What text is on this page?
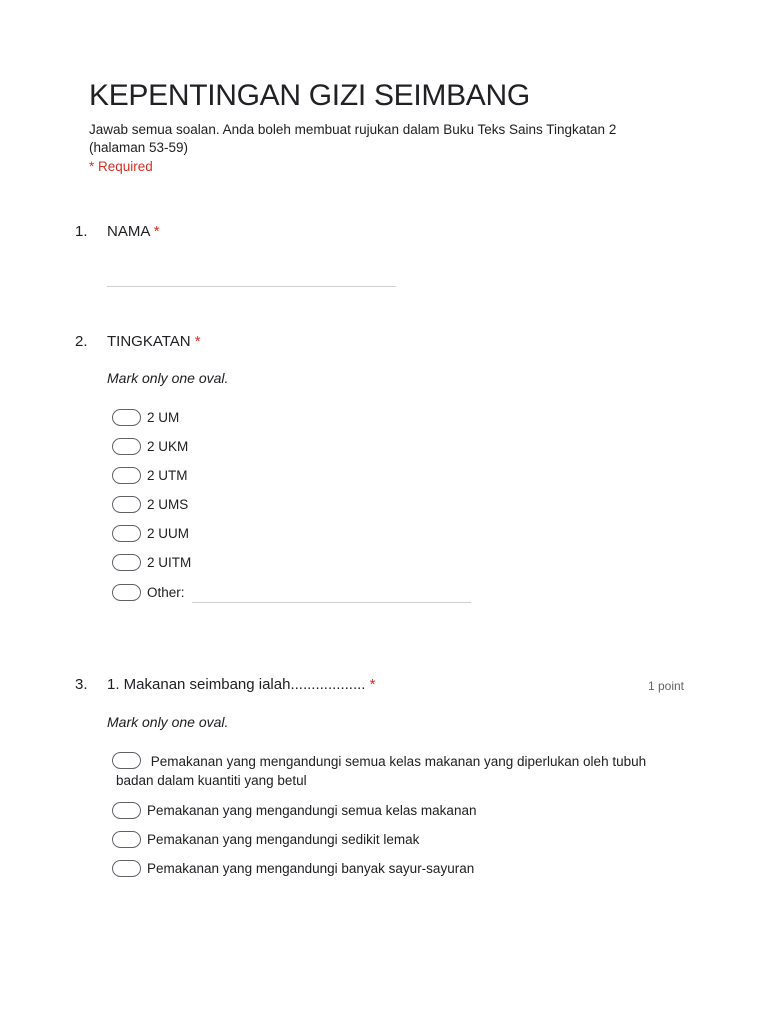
KEPENTINGAN GIZI SEIMBANG
Jawab semua soalan. Anda boleh membuat rujukan dalam Buku Teks Sains Tingkatan 2 (halaman 53-59)
* Required
1. NAMA *
2. TINGKATAN *
Mark only one oval.
2 UM
2 UKM
2 UTM
2 UMS
2 UUM
2 UITM
Other:
3. 1. Makanan seimbang ialah.................. *	1 point
Mark only one oval.
Pemakanan yang mengandungi semua kelas makanan yang diperlukan oleh tubuh
badan dalam kuantiti yang betul
Pemakanan yang mengandungi semua kelas makanan
Pemakanan yang mengandungi sedikit lemak
Pemakanan yang mengandungi banyak sayur-sayuran
